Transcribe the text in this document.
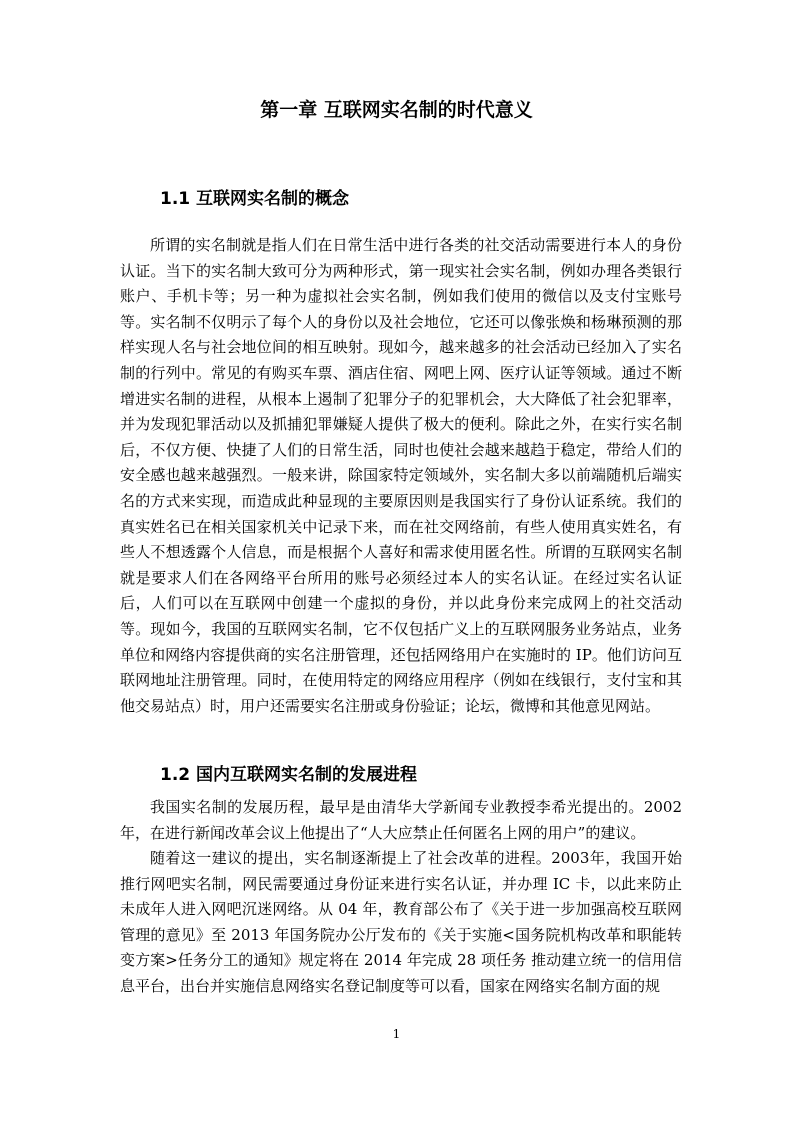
第一章 互联网实名制的时代意义
1.1 互联网实名制的概念

所谓的实名制就是指人们在日常生活中进行各类的社交活动需要进行本人的身份认证。当下的实名制大致可分为两种形式，第一现实社会实名制，例如办理各类银行账户、手机卡等；另一种为虚拟社会实名制，例如我们使用的微信以及支付宝账号等。实名制不仅明示了每个人的身份以及社会地位，它还可以像张焕和杨琳预测的那样实现人名与社会地位间的相互映射。现如今，越来越多的社会活动已经加入了实名制的行列中。常见的有购买车票、酒店住宿、网吧上网、医疗认证等领域。通过不断增进实名制的进程，从根本上遏制了犯罪分子的犯罪机会，大大降低了社会犯罪率，并为发现犯罪活动以及抓捕犯罪嫌疑人提供了极大的便利。除此之外，在实行实名制后，不仅方便、快捷了人们的日常生活，同时也使社会越来越趋于稳定，带给人们的安全感也越来越强烈。一般来讲，除国家特定领域外，实名制大多以前端随机后端实名的方式来实现，而造成此种显现的主要原因则是我国实行了身份认证系统。我们的真实姓名已在相关国家机关中记录下来，而在社交网络前，有些人使用真实姓名，有些人不想透露个人信息，而是根据个人喜好和需求使用匿名性。所谓的互联网实名制就是要求人们在各网络平台所用的账号必须经过本人的实名认证。在经过实名认证后，人们可以在互联网中创建一个虚拟的身份，并以此身份来完成网上的社交活动等。现如今，我国的互联网实名制，它不仅包括广义上的互联网服务业务站点，业务单位和网络内容提供商的实名注册管理，还包括网络用户在实施时的 IP。他们访问互联网地址注册管理。同时，在使用特定的网络应用程序（例如在线银行，支付宝和其他交易站点）时，用户还需要实名注册或身份验证；论坛，微博和其他意见网站。

1.2 国内互联网实名制的发展进程

我国实名制的发展历程，最早是由清华大学新闻专业教授李希光提出的。2002年，在进行新闻改革会议上他提出了“人大应禁止任何匿名上网的用户”的建议。

随着这一建议的提出，实名制逐渐提上了社会改革的进程。2003年，我国开始推行网吧实名制，网民需要通过身份证来进行实名认证，并办理 IC 卡，以此来防止未成年人进入网吧沉迷网络。从 04 年，教育部公布了《关于进一步加强高校互联网管理的意见》至 2013 年国务院办公厅发布的《关于实施<国务院机构改革和职能转变方案>任务分工的通知》规定将在 2014 年完成 28 项任务 推动建立统一的信用信息平台，出台并实施信息网络实名登记制度等可以看，国家在网络实名制方面的规

1
